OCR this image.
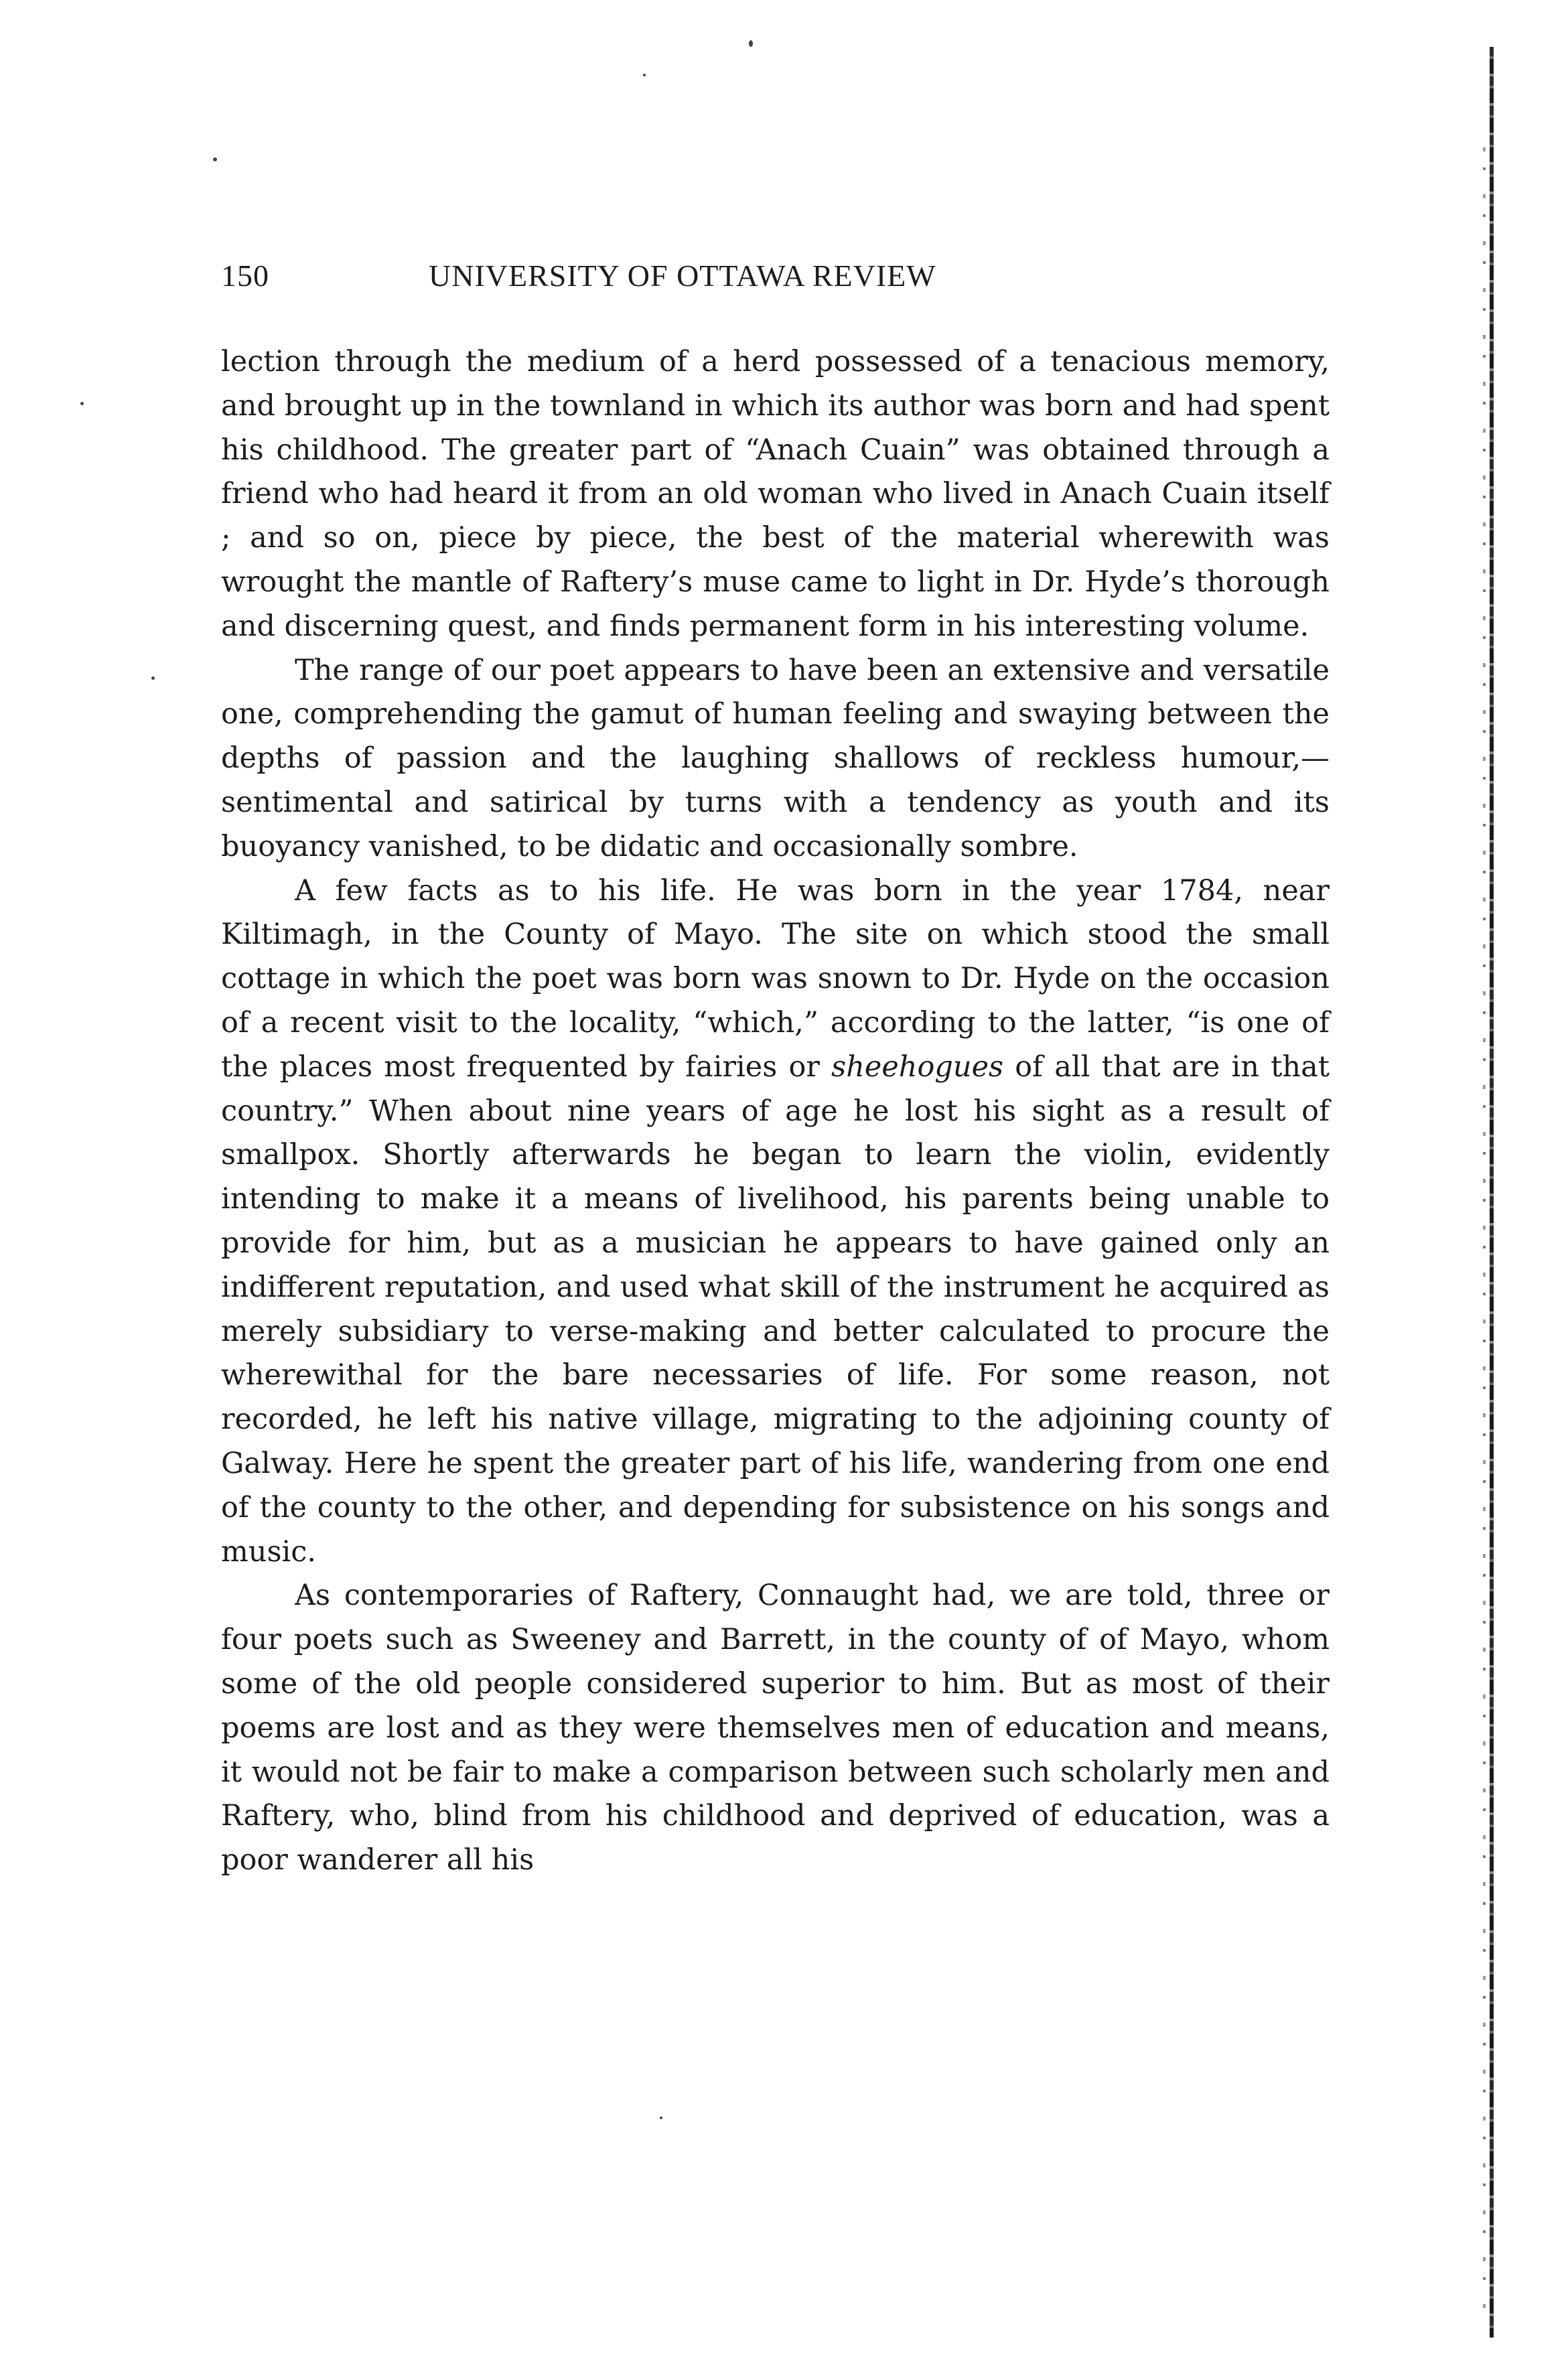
150	UNIVERSITY OF OTTAWA REVIEW

lection through the medium of a herd possessed of a tenacious memory, and brought up in the townland in which its author was born and had spent his childhood. The greater part of “Anach Cuain” was obtained through a friend who had heard it from an old woman who lived in Anach Cuain itself ; and so on, piece by piece, the best of the material wherewith was wrought the mantle of Raftery’s muse came to light in Dr. Hyde’s thorough and discerning quest, and finds permanent form in his interesting volume.

The range of our poet appears to have been an extensive and versatile one, comprehending the gamut of human feeling and swaying between the depths of passion and the laughing shallows of reckless humour,—sentimental and satirical by turns with a tendency as youth and its buoyancy vanished, to be didatic and occasionally sombre.

A few facts as to his life. He was born in the year 1784, near Kiltimagh, in the County of Mayo. The site on which stood the small cottage in which the poet was born was snown to Dr. Hyde on the occasion of a recent visit to the locality, “which,” according to the latter, “is one of the places most frequented by fairies or sheehogues of all that are in that country.” When about nine years of age he lost his sight as a result of smallpox. Shortly afterwards he began to learn the violin, evidently intending to make it a means of livelihood, his parents being unable to provide for him, but as a musician he appears to have gained only an indifferent reputation, and used what skill of the instrument he acquired as merely subsidiary to verse-making and better calculated to procure the wherewithal for the bare necessaries of life. For some reason, not recorded, he left his native village, migrating to the adjoining county of Galway. Here he spent the greater part of his life, wandering from one end of the county to the other, and depending for subsistence on his songs and music.

As contemporaries of Raftery, Connaught had, we are told, three or four poets such as Sweeney and Barrett, in the county of of Mayo, whom some of the old people considered superior to him. But as most of their poems are lost and as they were themselves men of education and means, it would not be fair to make a comparison between such scholarly men and Raftery, who, blind from his childhood and deprived of education, was a poor wanderer all his
